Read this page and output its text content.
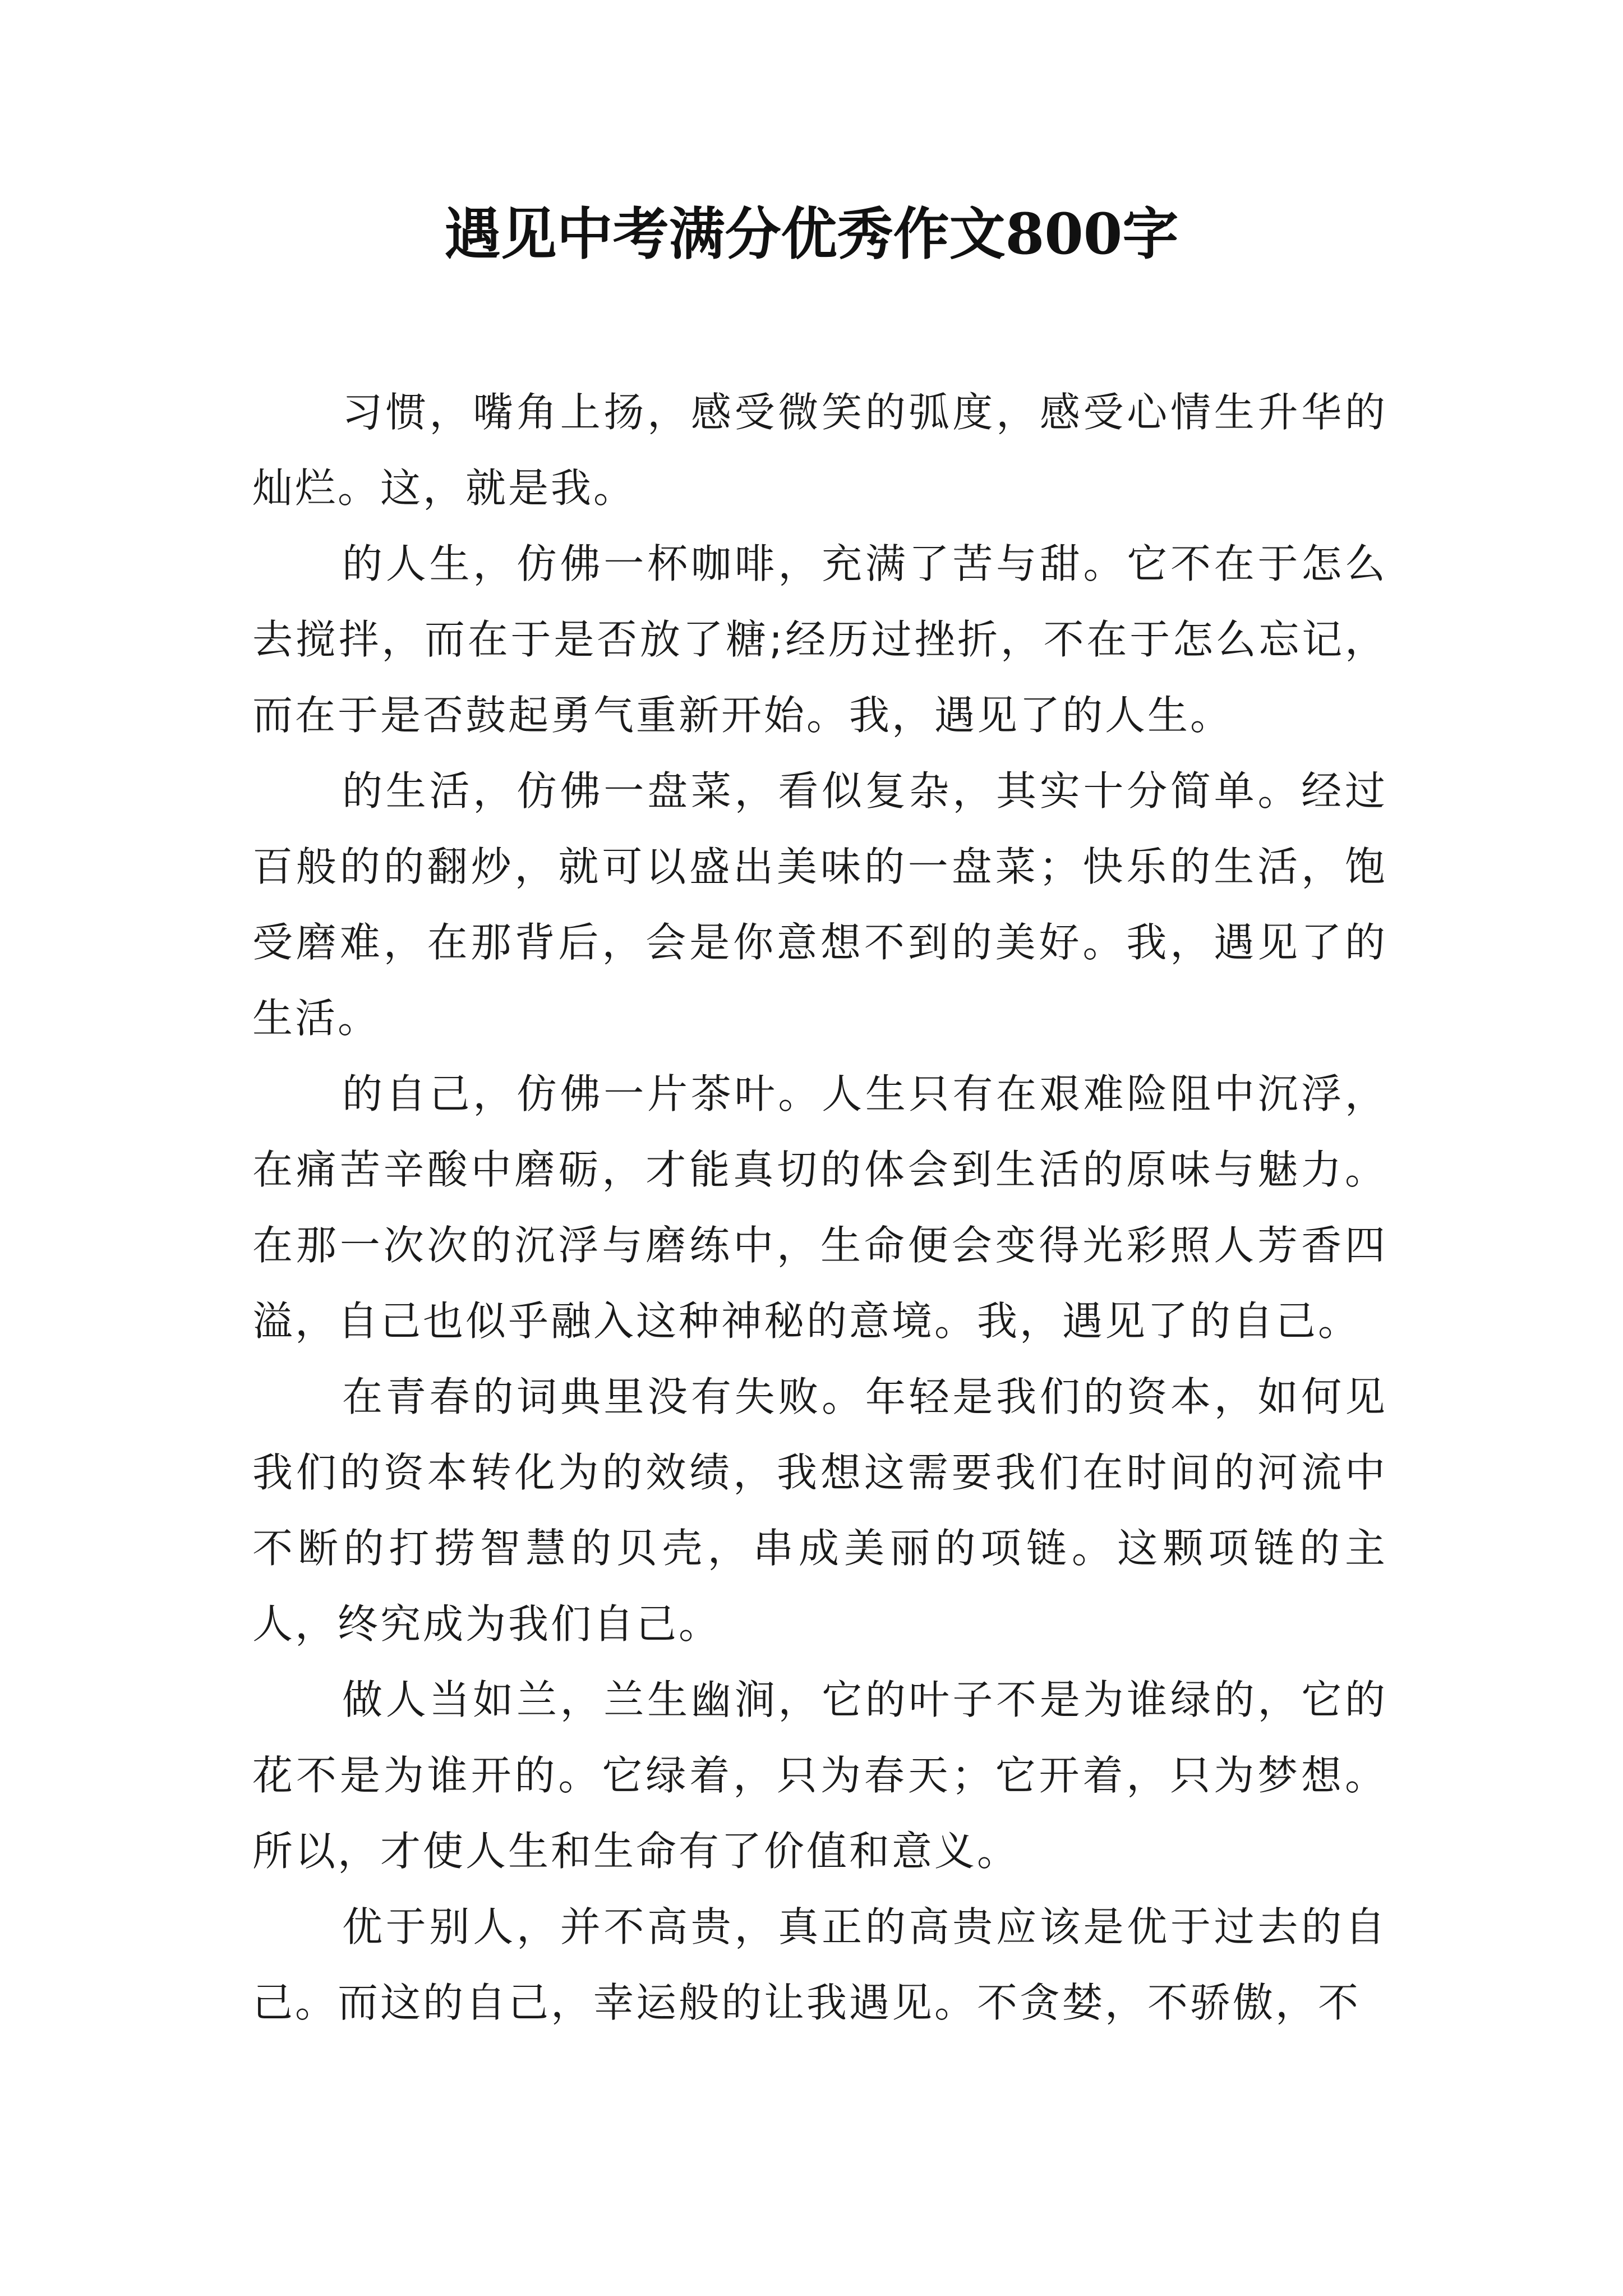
遇见中考满分优秀作文800字

习惯，嘴角上扬，感受微笑的弧度，感受心情生升华的灿烂。这，就是我。

的人生，仿佛一杯咖啡，充满了苦与甜。它不在于怎么去搅拌，而在于是否放了糖;经历过挫折，不在于怎么忘记，而在于是否鼓起勇气重新开始。我，遇见了的人生。

的生活，仿佛一盘菜，看似复杂，其实十分简单。经过百般的的翻炒，就可以盛出美味的一盘菜；快乐的生活，饱受磨难，在那背后，会是你意想不到的美好。我，遇见了的生活。

的自己，仿佛一片茶叶。人生只有在艰难险阻中沉浮，在痛苦辛酸中磨砺，才能真切的体会到生活的原味与魅力。在那一次次的沉浮与磨练中，生命便会变得光彩照人芳香四溢，自己也似乎融入这种神秘的意境。我，遇见了的自己。

在青春的词典里没有失败。年轻是我们的资本，如何见我们的资本转化为的效绩，我想这需要我们在时间的河流中不断的打捞智慧的贝壳，串成美丽的项链。这颗项链的主人，终究成为我们自己。

做人当如兰，兰生幽涧，它的叶子不是为谁绿的，它的花不是为谁开的。它绿着，只为春天；它开着，只为梦想。所以，才使人生和生命有了价值和意义。

优于别人，并不高贵，真正的高贵应该是优于过去的自己。而这的自己，幸运般的让我遇见。不贪婪，不骄傲，不
